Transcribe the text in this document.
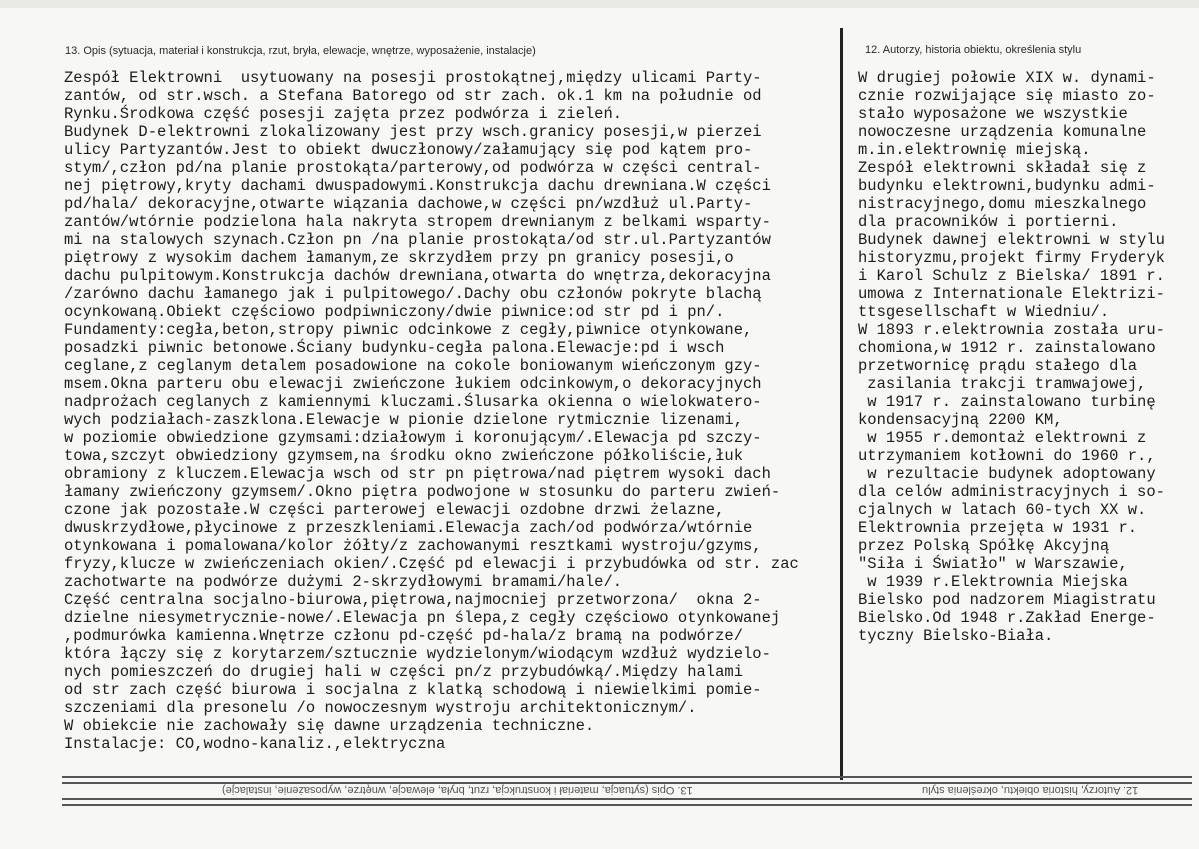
13. Opis (sytuacja, materiał i konstrukcja, rzut, bryła, elewacje, wnętrze, wyposażenie, instalacje)	12. Autorzy, historia obiektu, określenia stylu
Zespół Elektrowni  usytuowany na posesji prostokątnej,między ulicami Party-
zantów, od str.wsch. a Stefana Batorego od str zach. ok.1 km na południe od
Rynku.Środkowa część posesji zajęta przez podwórza i zieleń.
Budynek D-elektrowni zlokalizowany jest przy wsch.granicy posesji,w pierzei
ulicy Partyzantów.Jest to obiekt dwuczłonowy/załamujący się pod kątem pro-
stym/,człon pd/na planie prostokąta/parterowy,od podwórza w części central-
nej piętrowy,kryty dachami dwuspadowymi.Konstrukcja dachu drewniana.W części
pd/hala/ dekoracyjne,otwarte wiązania dachowe,w części pn/wzdłuż ul.Party-
zantów/wtórnie podzielona hala nakryta stropem drewnianym z belkami wsparty-
mi na stalowych szynach.Człon pn /na planie prostokąta/od str.ul.Partyzantów
piętrowy z wysokim dachem łamanym,ze skrzydłem przy pn granicy posesji,o
dachu pulpitowym.Konstrukcja dachów drewniana,otwarta do wnętrza,dekoracyjna
/zarówno dachu łamanego jak i pulpitowego/.Dachy obu członów pokryte blachą
ocynkowaną.Obiekt częściowo podpiwniczony/dwie piwnice:od str pd i pn/.
Fundamenty:cegła,beton,stropy piwnic odcinkowe z cegły,piwnice otynkowane,
posadzki piwnic betonowe.Ściany budynku-cegła palona.Elewacje:pd i wsch
ceglane,z ceglanym detalem posadowione na cokole boniowanym wieńczonym gzy-
msem.Okna parteru obu elewacji zwieńczone łukiem odcinkowym,o dekoracyjnych
nadprożach ceglanych z kamiennymi kluczami.Ślusarka okienna o wielokwatero-
wych podziałach-zaszklona.Elewacje w pionie dzielone rytmicznie lizenami,
w poziomie obwiedzione gzymsami:działowym i koronującym/.Elewacja pd szczy-
towa,szczyt obwiedziony gzymsem,na środku okno zwieńczone półkoliście,łuk
obramiony z kluczem.Elewacja wsch od str pn piętrowa/nad piętrem wysoki dach
łamany zwieńczony gzymsem/.Okno piętra podwojone w stosunku do parteru zwień-
czone jak pozostałe.W części parterowej elewacji ozdobne drzwi żelazne,
dwuskrzydłowe,płycinowe z przeszkleniami.Elewacja zach/od podwórza/wtórnie
otynkowana i pomalowana/kolor żółty/z zachowanymi resztkami wystroju/gzyms,
fryzy,klucze w zwieńczeniach okien/.Część pd elewacji i przybudówka od str. zac
zachotwarte na podwórze dużymi 2-skrzydłowymi bramami/hale/.
Część centralna socjalno-biurowa,piętrowa,najmocniej przetworzona/  okna 2-
dzielne niesymetrycznie-nowe/.Elewacja pn ślepa,z cegły częściowo otynkowanej
,podmurówka kamienna.Wnętrze członu pd-część pd-hala/z bramą na podwórze/
która łączy się z korytarzem/sztucznie wydzielonym/wiodącym wzdłuż wydzielo-
nych pomieszczeń do drugiej hali w części pn/z przybudówką/.Między halami
od str zach część biurowa i socjalna z klatką schodową i niewielkimi pomie-
szczeniami dla presonelu /o nowoczesnym wystroju architektonicznym/.
W obiekcie nie zachowały się dawne urządzenia techniczne.
Instalacje: CO,wodno-kanaliz.,elektryczna
W drugiej połowie XIX w. dynami-
cznie rozwijające się miasto zo-
stało wyposażone we wszystkie
nowoczesne urządzenia komunalne
m.in.elektrownię miejską.
Zespół elektrowni składał się z
budynku elektrowni,budynku admi-
nistracyjnego,domu mieszkalnego
dla pracowników i portierni.
Budynek dawnej elektrowni w stylu
historyzmu,projekt firmy Fryderyk
i Karol Schulz z Bielska/ 1891 r.
umowa z Internationale Elektrizi-
ttsgesellschaft w Wiedniu/.
W 1893 r.elektrownia została uru-
chomiona,w 1912 r. zainstalowano
przetwornicę prądu stałego dla
zasilania trakcji tramwajowej,
w 1917 r. zainstalowano turbinę
kondensacyjną 2200 KM,
w 1955 r.demontaż elektrowni z
utrzymaniem kotłowni do 1960 r.,
w rezultacie budynek adoptowany
dla celów administracyjnych i so-
cjalnych w latach 60-tych XX w.
Elektrownia przejęta w 1931 r.
przez Polską Spółkę Akcyjną
"Siła i Światło" w Warszawie,
w 1939 r.Elektrownia Miejska
Bielsko pod nadzorem Miagistratu
Bielsko.Od 1948 r.Zakład Energe-
tyczny Bielsko-Biała.
13. Opis (sytuacja, materiał i konstrukcja, rzut, bryła, elewacje, wnętrze, wyposażenie, instalacje)	12. Autorzy, historia obiektu, określenia stylu
